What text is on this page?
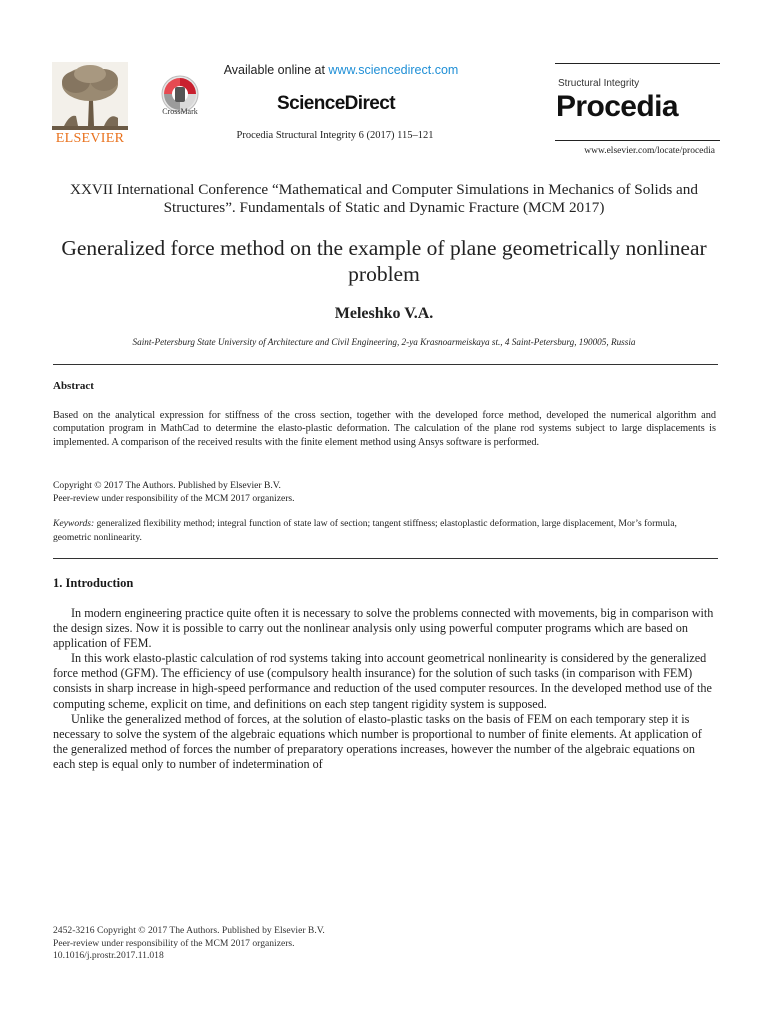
ELSEVIER
CrossMark
Available online at www.sciencedirect.com
ScienceDirect
Procedia Structural Integrity 6 (2017) 115–121
Structural Integrity
Procedia
www.elsevier.com/locate/procedia
XXVII International Conference “Mathematical and Computer Simulations in Mechanics of Solids and Structures”. Fundamentals of Static and Dynamic Fracture (MCM 2017)
Generalized force method on the example of plane geometrically nonlinear problem
Meleshko V.A.
Saint-Petersburg State University of Architecture and Civil Engineering, 2-ya Krasnoarmeiskaya st., 4 Saint-Petersburg, 190005, Russia
Abstract
Based on the analytical expression for stiffness of the cross section, together with the developed force method, developed the numerical algorithm and computation program in MathCad to determine the elasto-plastic deformation. The calculation of the plane rod systems subject to large displacements is implemented. A comparison of the received results with the finite element method using Ansys software is performed.
Copyright © 2017 The Authors. Published by Elsevier B.V.
Peer-review under responsibility of the MCM 2017 organizers.
Keywords: generalized flexibility method; integral function of state law of section; tangent stiffness; elastoplastic deformation, large displacement, Mor’s formula, geometric nonlinearity.
1. Introduction

In modern engineering practice quite often it is necessary to solve the problems connected with movements, big in comparison with the design sizes. Now it is possible to carry out the nonlinear analysis only using powerful computer programs which are based on application of FEM.

In this work elasto-plastic calculation of rod systems taking into account geometrical nonlinearity is considered by the generalized force method (GFM). The efficiency of use (compulsory health insurance) for the solution of such tasks (in comparison with FEM) consists in sharp increase in high-speed performance and reduction of the used computer resources. In the developed method use of the computing scheme, explicit on time, and definitions on each step tangent rigidity system is supposed.

Unlike the generalized method of forces, at the solution of elasto-plastic tasks on the basis of FEM on each temporary step it is necessary to solve the system of the algebraic equations which number is proportional to number of finite elements. At application of the generalized method of forces the number of preparatory operations increases, however the number of the algebraic equations on each step is equal only to number of indetermination of

2452-3216 Copyright © 2017 The Authors. Published by Elsevier B.V.
Peer-review under responsibility of the MCM 2017 organizers.
10.1016/j.prostr.2017.11.018
